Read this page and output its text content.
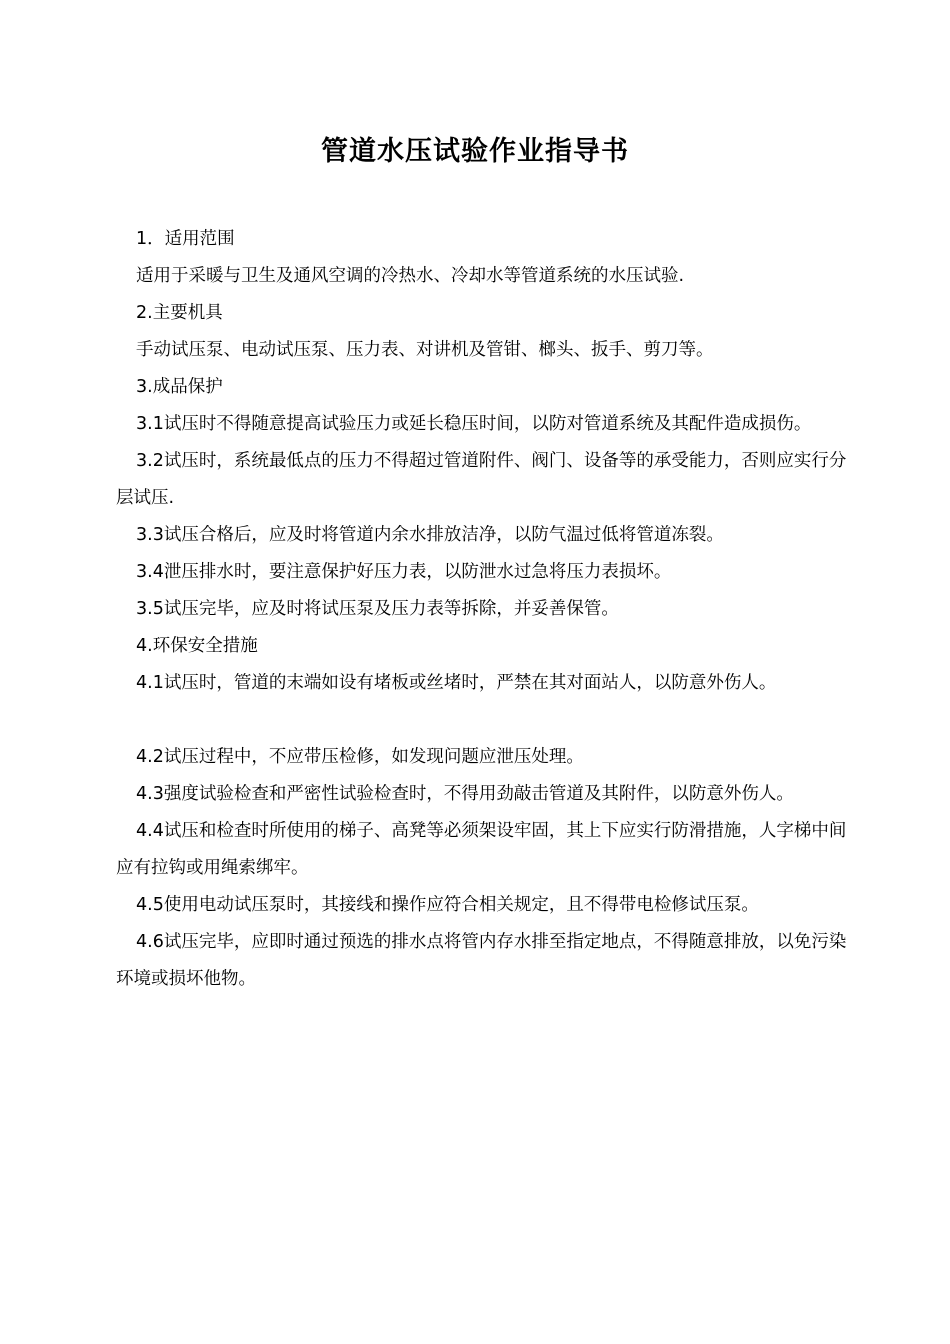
管道水压试验作业指导书

1．适用范围

适用于采暖与卫生及通风空调的冷热水、冷却水等管道系统的水压试验.

2.主要机具

手动试压泵、电动试压泵、压力表、对讲机及管钳、榔头、扳手、剪刀等。

3.成品保护

3.1试压时不得随意提高试验压力或延长稳压时间，以防对管道系统及其配件造成损伤。

3.2试压时，系统最低点的压力不得超过管道附件、阀门、设备等的承受能力，否则应实行分层试压.

3.3试压合格后，应及时将管道内余水排放洁净，以防气温过低将管道冻裂。

3.4泄压排水时，要注意保护好压力表，以防泄水过急将压力表损坏。

3.5试压完毕，应及时将试压泵及压力表等拆除，并妥善保管。

4.环保安全措施

4.1试压时，管道的末端如设有堵板或丝堵时，严禁在其对面站人，以防意外伤人。

4.2试压过程中，不应带压检修，如发现问题应泄压处理。

4.3强度试验检查和严密性试验检查时，不得用劲敲击管道及其附件，以防意外伤人。

4.4试压和检查时所使用的梯子、高凳等必须架设牢固，其上下应实行防滑措施，人字梯中间应有拉钩或用绳索绑牢。

4.5使用电动试压泵时，其接线和操作应符合相关规定，且不得带电检修试压泵。

4.6试压完毕，应即时通过预选的排水点将管内存水排至指定地点，不得随意排放，以免污染环境或损坏他物。
